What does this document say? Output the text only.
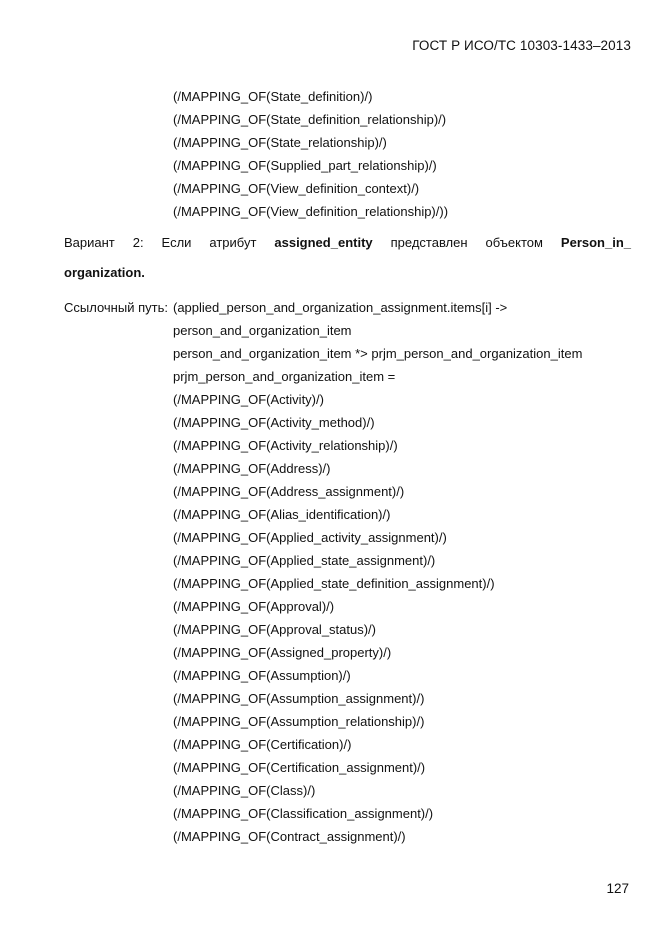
ГОСТ Р ИСО/ТС 10303-1433–2013
(/MAPPING_OF(State_definition)/)
(/MAPPING_OF(State_definition_relationship)/)
(/MAPPING_OF(State_relationship)/)
(/MAPPING_OF(Supplied_part_relationship)/)
(/MAPPING_OF(View_definition_context)/)
(/MAPPING_OF(View_definition_relationship)/))
Вариант 2: Если атрибут assigned_entity представлен объектом Person_in_
organization.
Ссылочный путь: (applied_person_and_organization_assignment.items[i] ->
person_and_organization_item
person_and_organization_item *> prjm_person_and_organization_item
prjm_person_and_organization_item =
(/MAPPING_OF(Activity)/)
(/MAPPING_OF(Activity_method)/)
(/MAPPING_OF(Activity_relationship)/)
(/MAPPING_OF(Address)/)
(/MAPPING_OF(Address_assignment)/)
(/MAPPING_OF(Alias_identification)/)
(/MAPPING_OF(Applied_activity_assignment)/)
(/MAPPING_OF(Applied_state_assignment)/)
(/MAPPING_OF(Applied_state_definition_assignment)/)
(/MAPPING_OF(Approval)/)
(/MAPPING_OF(Approval_status)/)
(/MAPPING_OF(Assigned_property)/)
(/MAPPING_OF(Assumption)/)
(/MAPPING_OF(Assumption_assignment)/)
(/MAPPING_OF(Assumption_relationship)/)
(/MAPPING_OF(Certification)/)
(/MAPPING_OF(Certification_assignment)/)
(/MAPPING_OF(Class)/)
(/MAPPING_OF(Classification_assignment)/)
(/MAPPING_OF(Contract_assignment)/)
127
